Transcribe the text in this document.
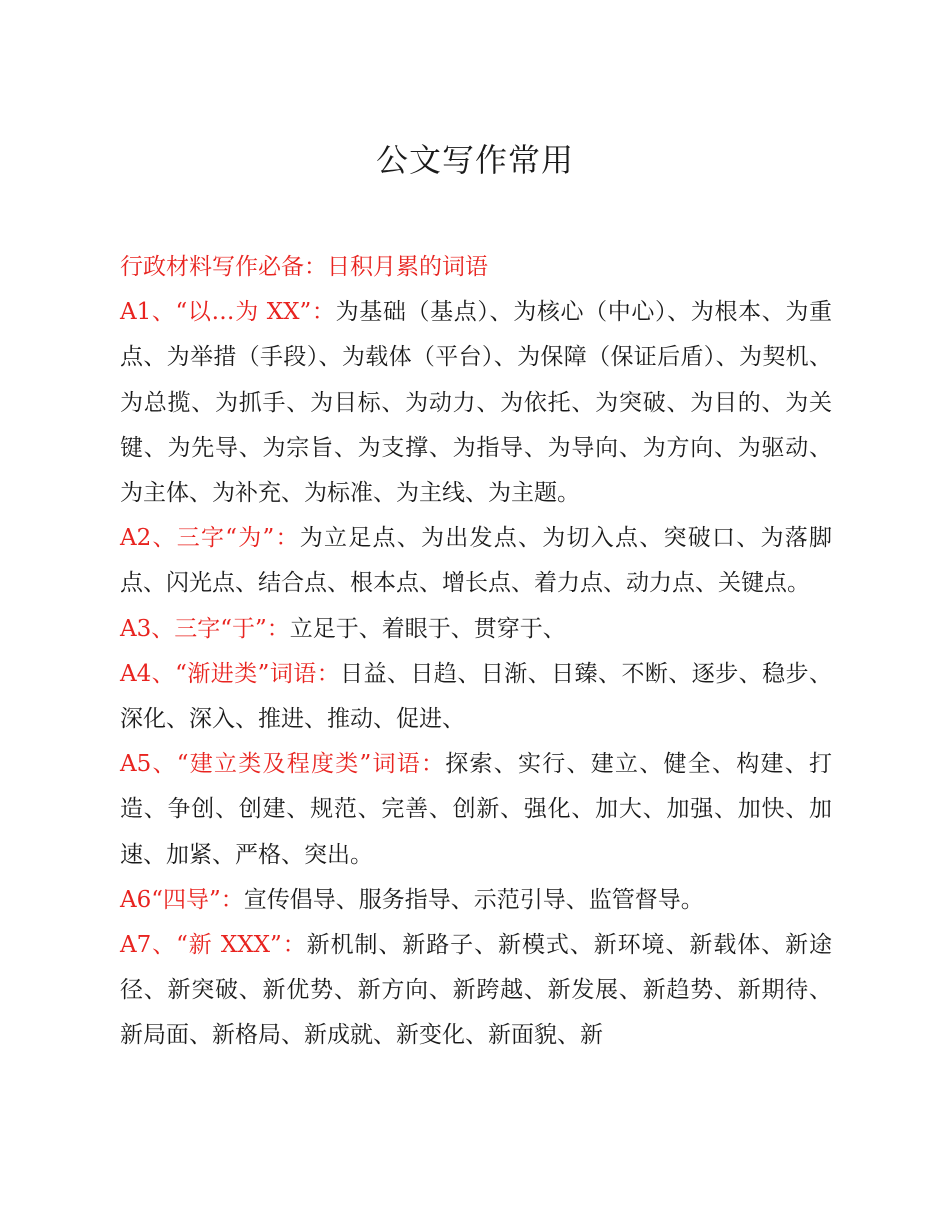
公文写作常用

行政材料写作必备：日积月累的词语

A1、“以…为 XX”：为基础（基点）、为核心（中心）、为根本、为重点、为举措（手段）、为载体（平台）、为保障（保证后盾）、为契机、为总揽、为抓手、为目标、为动力、为依托、为突破、为目的、为关键、为先导、为宗旨、为支撑、为指导、为导向、为方向、为驱动、为主体、为补充、为标准、为主线、为主题。

A2、三字“为”：为立足点、为出发点、为切入点、突破口、为落脚点、闪光点、结合点、根本点、增长点、着力点、动力点、关键点。

A3、三字“于”：立足于、着眼于、贯穿于、

A4、“渐进类”词语：日益、日趋、日渐、日臻、不断、逐步、稳步、深化、深入、推进、推动、促进、

A5、“建立类及程度类”词语：探索、实行、建立、健全、构建、打造、争创、创建、规范、完善、创新、强化、加大、加强、加快、加速、加紧、严格、突出。

A6“四导”：宣传倡导、服务指导、示范引导、监管督导。

A7、“新 XXX”：新机制、新路子、新模式、新环境、新载体、新途径、新突破、新优势、新方向、新跨越、新发展、新趋势、新期待、新局面、新格局、新成就、新变化、新面貌、新
